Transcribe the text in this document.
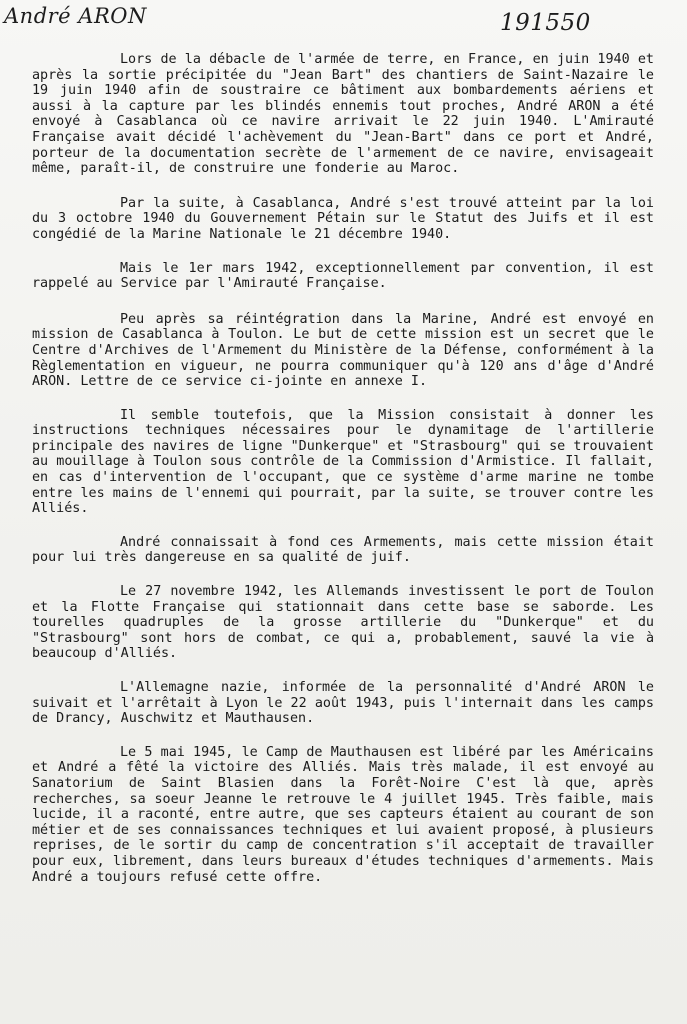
André ARON	191550

Lors de la débacle de l'armée de terre, en France, en juin 1940 et après la sortie précipitée du "Jean Bart" des chantiers de Saint-Nazaire le 19 juin 1940 afin de soustraire ce bâtiment aux bombardements aériens et aussi à la capture par les blindés ennemis tout proches, André ARON a été envoyé à Casablanca où ce navire arrivait le 22 juin 1940. L'Amirauté Française avait décidé l'achèvement du "Jean-Bart" dans ce port et André, porteur de la documentation secrète de l'armement de ce navire, envisageait même, paraît-il, de construire une fonderie au Maroc.

Par la suite, à Casablanca, André s'est trouvé atteint par la loi du 3 octobre 1940 du Gouvernement Pétain sur le Statut des Juifs et il est congédié de la Marine Nationale le 21 décembre 1940.

Mais le 1er mars 1942, exceptionnellement par convention, il est rappelé au Service par l'Amirauté Française.

Peu après sa réintégration dans la Marine, André est envoyé en mission de Casablanca à Toulon. Le but de cette mission est un secret que le Centre d'Archives de l'Armement du Ministère de la Défense, conformément à la Règlementation en vigueur, ne pourra communiquer qu'à 120 ans d'âge d'André ARON. Lettre de ce service ci-jointe en annexe I.

Il semble toutefois, que la Mission consistait à donner les instructions techniques nécessaires pour le dynamitage de l'artillerie principale des navires de ligne "Dunkerque" et "Strasbourg" qui se trouvaient au mouillage à Toulon sous contrôle de la Commission d'Armistice. Il fallait, en cas d'intervention de l'occupant, que ce système d'arme marine ne tombe entre les mains de l'ennemi qui pourrait, par la suite, se trouver contre les Alliés.

André connaissait à fond ces Armements, mais cette mission était pour lui très dangereuse en sa qualité de juif.

Le 27 novembre 1942, les Allemands investissent le port de Toulon et la Flotte Française qui stationnait dans cette base se saborde. Les tourelles quadruples de la grosse artillerie du "Dunkerque" et du "Strasbourg" sont hors de combat, ce qui a, probablement, sauvé la vie à beaucoup d'Alliés.

L'Allemagne nazie, informée de la personnalité d'André ARON le suivait et l'arrêtait à Lyon le 22 août 1943, puis l'internait dans les camps de Drancy, Auschwitz et Mauthausen.

Le 5 mai 1945, le Camp de Mauthausen est libéré par les Américains et André a fêté la victoire des Alliés. Mais très malade, il est envoyé au Sanatorium de Saint Blasien dans la Forêt-Noire C'est là que, après recherches, sa soeur Jeanne le retrouve le 4 juillet 1945. Très faible, mais lucide, il a raconté, entre autre, que ses capteurs étaient au courant de son métier et de ses connaissances techniques et lui avaient proposé, à plusieurs reprises, de le sortir du camp de concentration s'il acceptait de travailler pour eux, librement, dans leurs bureaux d'études techniques d'armements. Mais André a toujours refusé cette offre.
